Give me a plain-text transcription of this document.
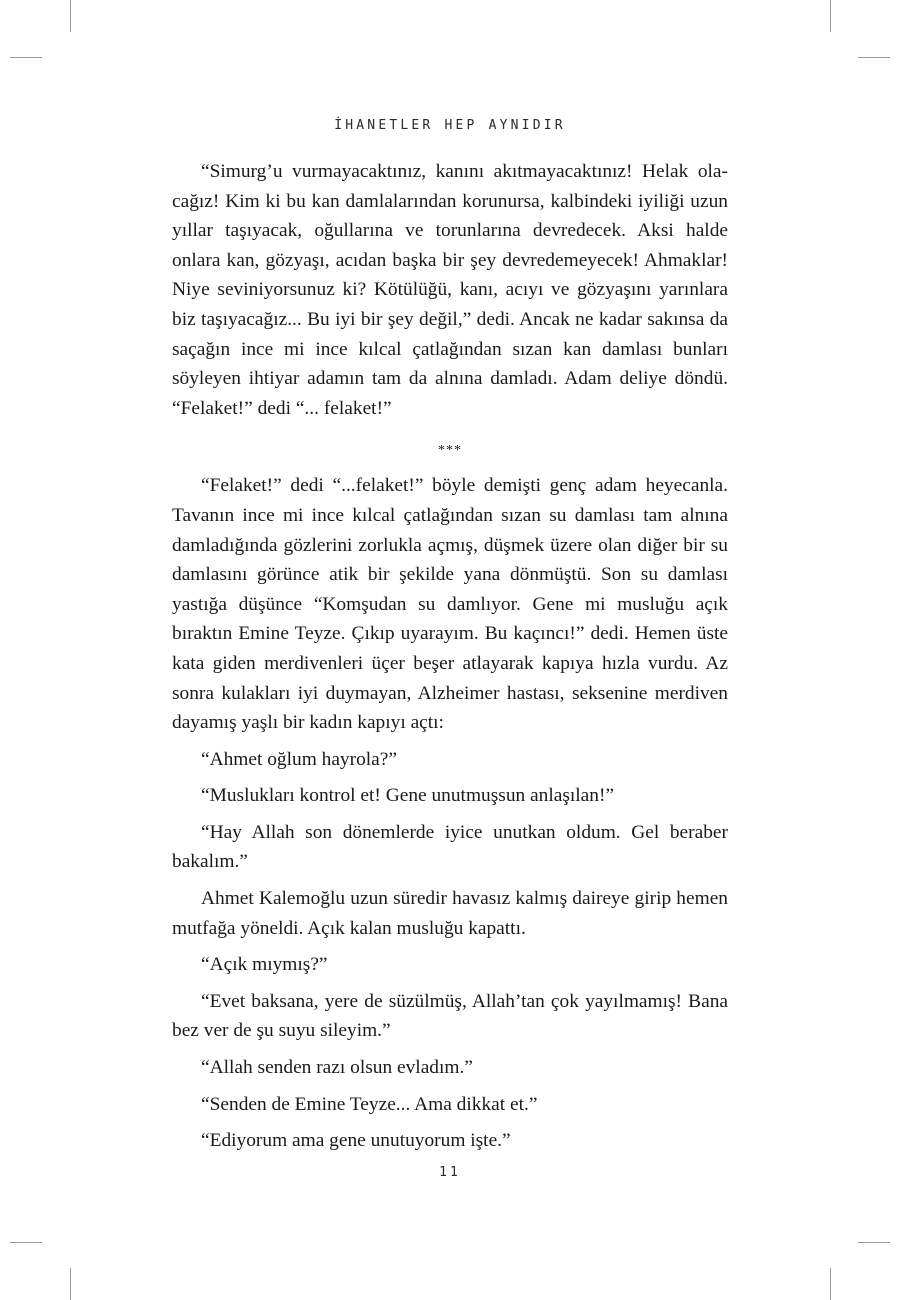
İHANETLER HEP AYNIDIR

“Simurg’u vurmayacaktınız, kanını akıtmayacaktınız! Helak olacağız! Kim ki bu kan damlalarından korunursa, kalbindeki iyiliği uzun yıllar taşıyacak, oğullarına ve torunlarına devredecek. Aksi halde onlara kan, gözyaşı, acıdan başka bir şey devredemeyecek! Ahmaklar! Niye seviniyorsunuz ki? Kötülüğü, kanı, acıyı ve gözyaşını yarınlara biz taşıyacağız... Bu iyi bir şey değil,” dedi. Ancak ne kadar sakınsa da saçağın ince mi ince kılcal çatlağından sızan kan damlası bunları söyleyen ihtiyar adamın tam da alnına damladı. Adam deliye döndü. “Felaket!” dedi “... felaket!”

***

“Felaket!” dedi “...felaket!” böyle demişti genç adam heyecanla. Tavanın ince mi ince kılcal çatlağından sızan su damlası tam alnına damladığında gözlerini zorlukla açmış, düşmek üzere olan diğer bir su damlasını görünce atik bir şekilde yana dönmüştü. Son su damlası yastığa düşünce “Komşudan su damlıyor. Gene mi musluğu açık bıraktın Emine Teyze. Çıkıp uyarayım. Bu kaçıncı!” dedi. Hemen üste kata giden merdivenleri üçer beşer atlayarak kapıya hızla vurdu. Az sonra kulakları iyi duymayan, Alzheimer hastası, seksenine merdiven dayamış yaşlı bir kadın kapıyı açtı:

“Ahmet oğlum hayrola?”

“Muslukları kontrol et! Gene unutmuşsun anlaşılan!”

“Hay Allah son dönemlerde iyice unutkan oldum. Gel beraber bakalım.”

Ahmet Kalemoğlu uzun süredir havasız kalmış daireye girip hemen mutfağa yöneldi. Açık kalan musluğu kapattı.

“Açık mıymış?”

“Evet baksana, yere de süzülmüş, Allah’tan çok yayılmamış! Bana bez ver de şu suyu sileyim.”

“Allah senden razı olsun evladım.”

“Senden de Emine Teyze... Ama dikkat et.”

“Ediyorum ama gene unutuyorum işte.”

11
